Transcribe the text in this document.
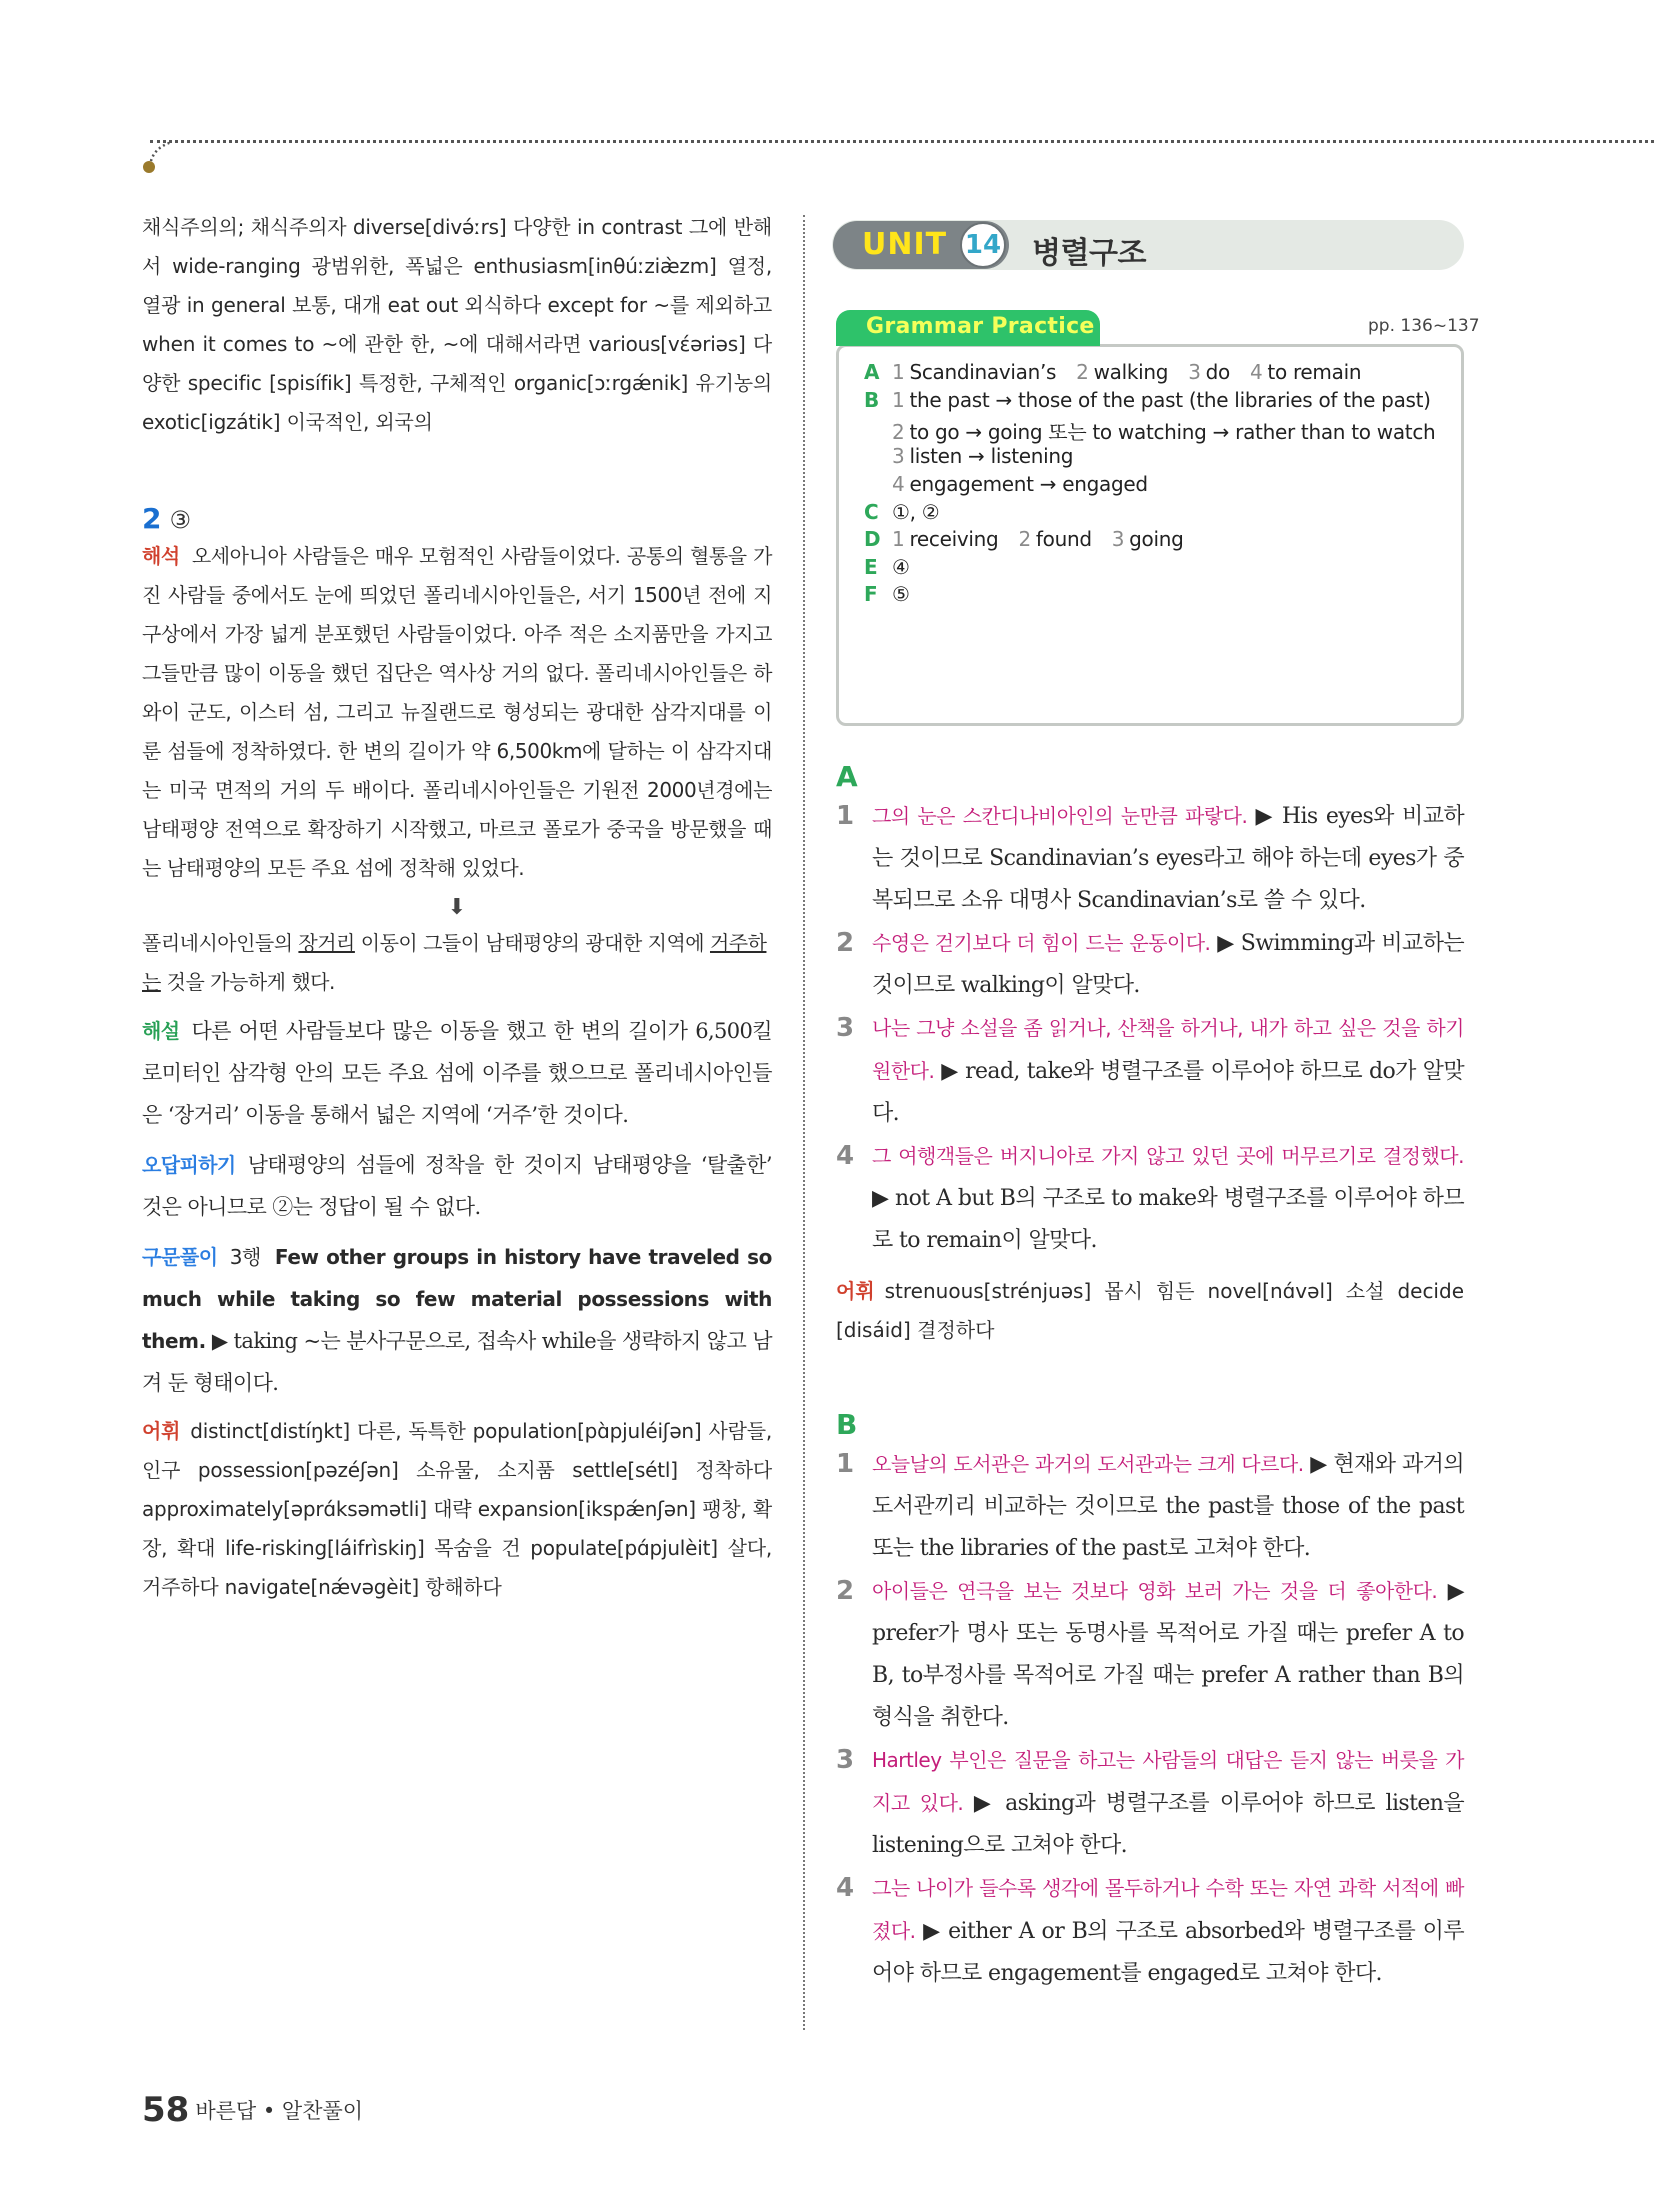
채식주의의; 채식주의자 diverse[divə́ːrs] 다양한 in contrast 그에 반해서 wide-ranging 광범위한, 폭넓은 enthusiasm[inθúːziæ̀zm] 열정, 열광 in general 보통, 대개 eat out 외식하다 except for ~를 제외하고 when it comes to ~에 관한 한, ~에 대해서라면 various[vέəriəs] 다양한 specific [spisífik] 특정한, 구체적인 organic[ɔːrgǽnik] 유기농의 exotic[igzátik] 이국적인, 외국의
2 ③
해석 오세아니아 사람들은 매우 모험적인 사람들이었다. 공통의 혈통을 가진 사람들 중에서도 눈에 띄었던 폴리네시아인들은, 서기 1500년 전에 지구상에서 가장 넓게 분포했던 사람들이었다. 아주 적은 소지품만을 가지고 그들만큼 많이 이동을 했던 집단은 역사상 거의 없다. 폴리네시아인들은 하와이 군도, 이스터 섬, 그리고 뉴질랜드로 형성되는 광대한 삼각지대를 이룬 섬들에 정착하였다. 한 변의 길이가 약 6,500km에 달하는 이 삼각지대는 미국 면적의 거의 두 배이다. 폴리네시아인들은 기원전 2000년경에는 남태평양 전역으로 확장하기 시작했고, 마르코 폴로가 중국을 방문했을 때는 남태평양의 모든 주요 섬에 정착해 있었다.
⬇
폴리네시아인들의 장거리 이동이 그들이 남태평양의 광대한 지역에 거주하는 것을 가능하게 했다.
해설 다른 어떤 사람들보다 많은 이동을 했고 한 변의 길이가 6,500킬로미터인 삼각형 안의 모든 주요 섬에 이주를 했으므로 폴리네시아인들은 ‘장거리’ 이동을 통해서 넓은 지역에 ‘거주’한 것이다.
오답피하기 남태평양의 섬들에 정착을 한 것이지 남태평양을 ‘탈출한’ 것은 아니므로 ②는 정답이 될 수 없다.
구문풀이 3행 Few other groups in history have traveled so much while taking so few material possessions with them. ▶ taking ~는 분사구문으로, 접속사 while을 생략하지 않고 남겨 둔 형태이다.
어휘 distinct[distíŋkt] 다른, 독특한 population[pɑ̀pjuléiʃən] 사람들, 인구 possession[pəzéʃən] 소유물, 소지품 settle[sétl] 정착하다 approximately[əprɑ́ksəmətli] 대략 expansion[ikspǽnʃən] 팽창, 확장, 확대 life-risking[láifrìskiŋ] 목숨을 건 populate[pɑ́pjulèit] 살다, 거주하다 navigate[nǽvəgèit] 항해하다
UNIT 14 병렬구조
Grammar Practice	pp. 136~137
A 1 Scandinavian’s 2 walking 3 do 4 to remain
B 1 the past → those of the past (the libraries of the past)
2 to go → going 또는 to watching → rather than to watch
3 listen → listening
4 engagement → engaged
C ①, ②
D 1 receiving 2 found 3 going
E ④
F ⑤
A
1 그의 눈은 스칸디나비아인의 눈만큼 파랗다. ▶ His eyes와 비교하는 것이므로 Scandinavian’s eyes라고 해야 하는데 eyes가 중복되므로 소유 대명사 Scandinavian’s로 쓸 수 있다.
2 수영은 걷기보다 더 힘이 드는 운동이다. ▶ Swimming과 비교하는 것이므로 walking이 알맞다.
3 나는 그냥 소설을 좀 읽거나, 산책을 하거나, 내가 하고 싶은 것을 하기 원한다. ▶ read, take와 병렬구조를 이루어야 하므로 do가 알맞다.
4 그 여행객들은 버지니아로 가지 않고 있던 곳에 머무르기로 결정했다. ▶ not A but B의 구조로 to make와 병렬구조를 이루어야 하므로 to remain이 알맞다.
어휘 strenuous[strénjuəs] 몹시 힘든 novel[nɑ́vəl] 소설 decide [disáid] 결정하다
B
1 오늘날의 도서관은 과거의 도서관과는 크게 다르다. ▶ 현재와 과거의 도서관끼리 비교하는 것이므로 the past를 those of the past 또는 the libraries of the past로 고쳐야 한다.
2 아이들은 연극을 보는 것보다 영화 보러 가는 것을 더 좋아한다. ▶ prefer가 명사 또는 동명사를 목적어로 가질 때는 prefer A to B, to부정사를 목적어로 가질 때는 prefer A rather than B의 형식을 취한다.
3 Hartley 부인은 질문을 하고는 사람들의 대답은 듣지 않는 버릇을 가지고 있다. ▶ asking과 병렬구조를 이루어야 하므로 listen을 listening으로 고쳐야 한다.
4 그는 나이가 들수록 생각에 몰두하거나 수학 또는 자연 과학 서적에 빠졌다. ▶ either A or B의 구조로 absorbed와 병렬구조를 이루어야 하므로 engagement를 engaged로 고쳐야 한다.
58 바른답 • 알찬풀이
